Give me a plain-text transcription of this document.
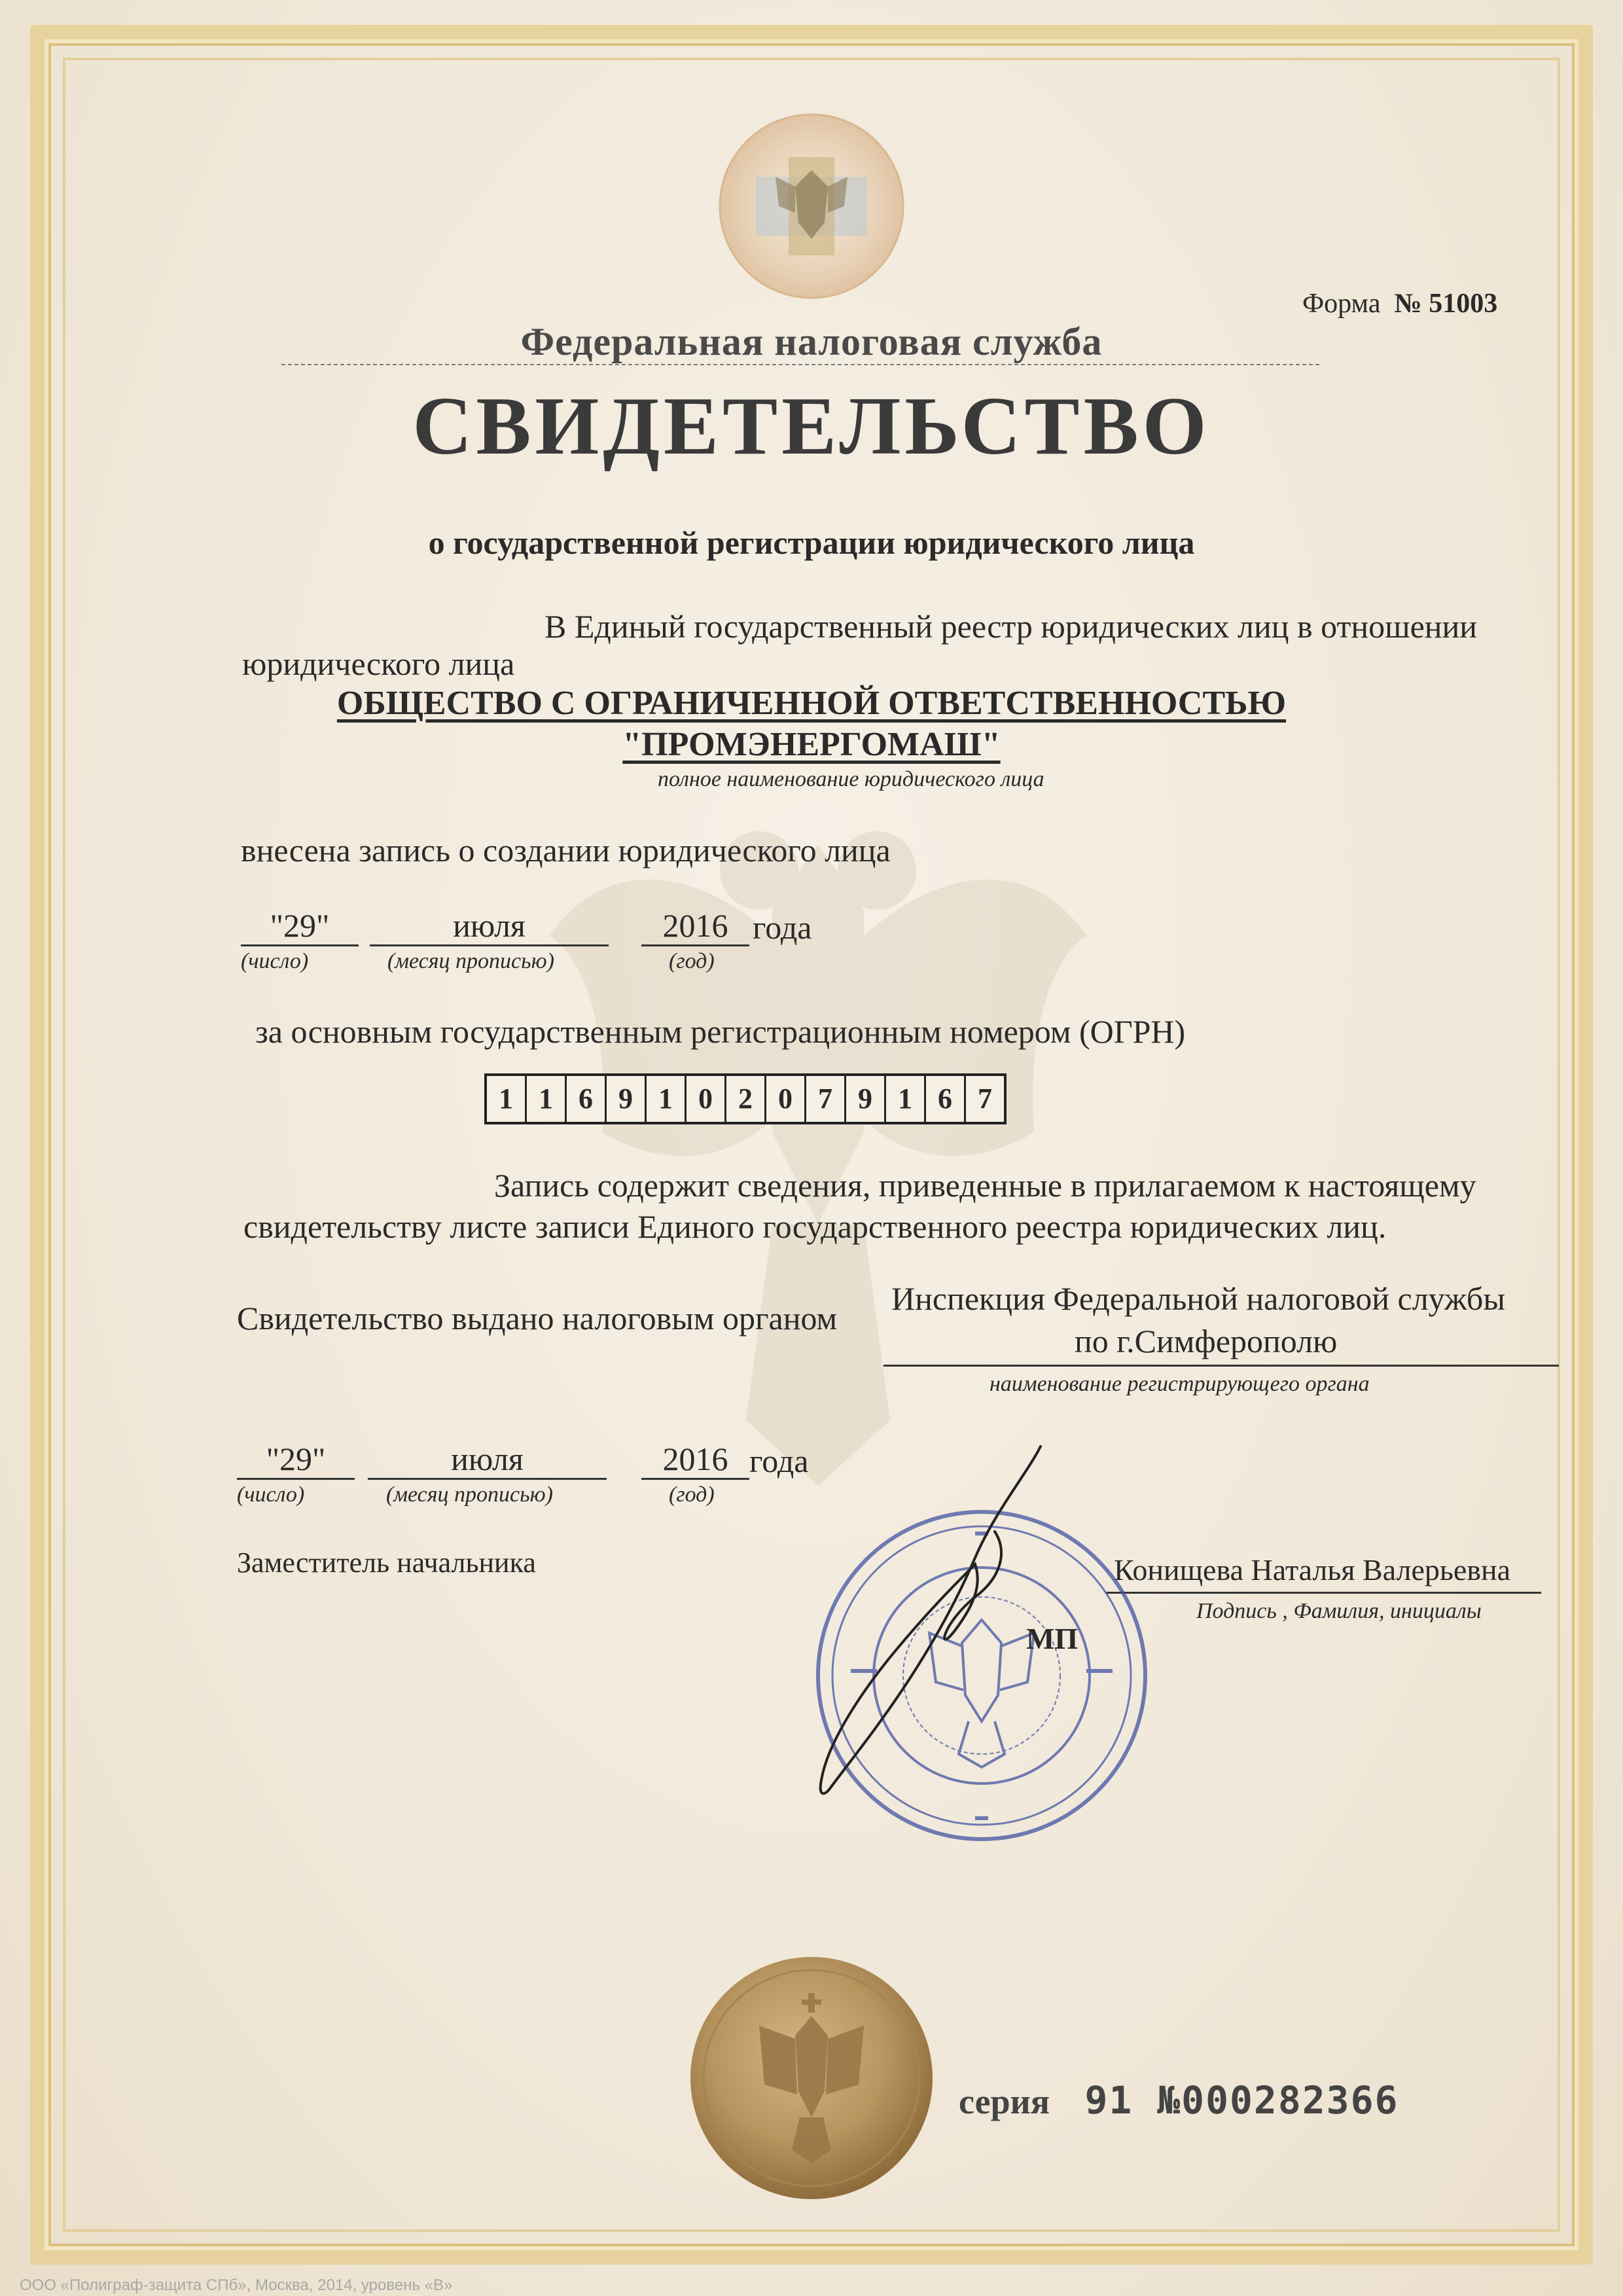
Форма № 51003
Федеральная налоговая служба
СВИДЕТЕЛЬСТВО
о государственной регистрации юридического лица
В Единый государственный реестр юридических лиц в отношении
юридического лица
ОБЩЕСТВО С ОГРАНИЧЕННОЙ ОТВЕТСТВЕННОСТЬЮ
"ПРОМЭНЕРГОМАШ"
полное наименование юридического лица
внесена запись о создании юридического лица
"29"	июля	2016 года
(число)	(месяц прописью)	(год)
за основным государственным регистрационным номером (ОГРН)
1 1 6 9 1 0 2 0 7 9 1 6 7
Запись содержит сведения, приведенные в прилагаемом к настоящему
свидетельству листе записи Единого государственного реестра юридических лиц.
Свидетельство выдано налоговым органом
Инспекция Федеральной налоговой службы
по г.Симферополю
наименование регистрирующего органа
"29"	июля	2016 года
(число)	(месяц прописью)	(год)
Заместитель начальника	Конищева Наталья Валерьевна
Подпись , Фамилия, инициалы
МП
серия 91 №000282366
ООО «Полиграф-защита СПб», Москва, 2014, уровень «В»
